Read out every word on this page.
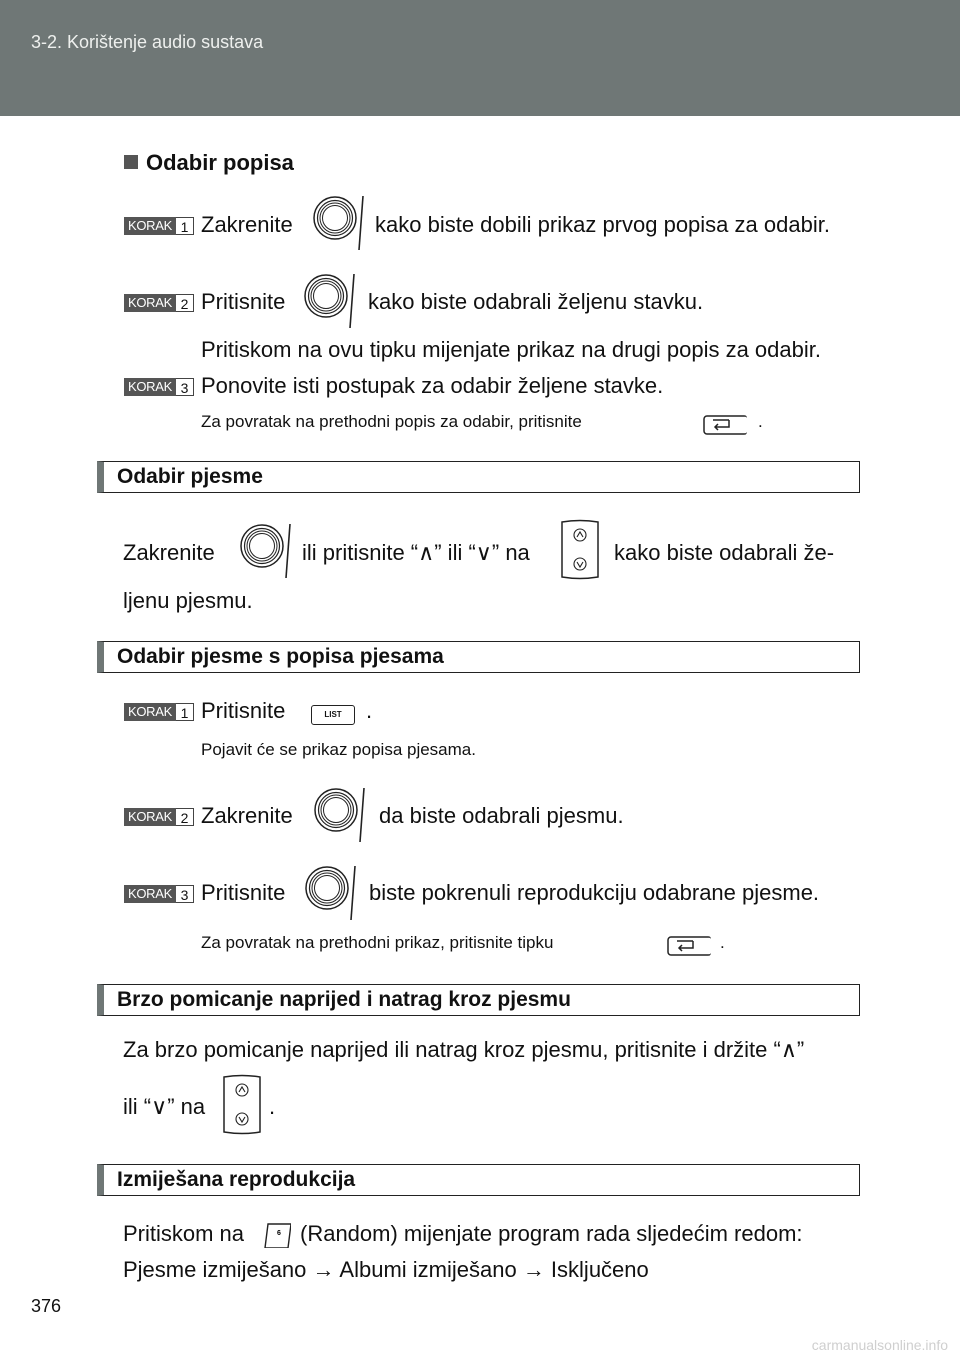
3-2. Korištenje audio sustava
Odabir popisa
KORAK 1 Zakrenite	kako biste dobili prikaz prvog popisa za odabir.
KORAK 2 Pritisnite	kako biste odabrali željenu stavku.
Pritiskom na ovu tipku mijenjate prikaz na drugi popis za odabir.
KORAK 3 Ponovite isti postupak za odabir željene stavke.
Za povratak na prethodni popis za odabir, pritisnite	.
Odabir pjesme
Zakrenite	ili pritisnite “∧” ili “∨” na	kako biste odabrali že-
ljenu pjesmu.
Odabir pjesme s popisa pjesama
KORAK 1 Pritisnite	LIST	.
Pojavit će se prikaz popisa pjesama.
KORAK 2 Zakrenite	da biste odabrali pjesmu.
KORAK 3 Pritisnite	biste pokrenuli reprodukciju odabrane pjesme.
Za povratak na prethodni prikaz, pritisnite tipku	.
Brzo pomicanje naprijed i natrag kroz pjesmu
Za brzo pomicanje naprijed ili natrag kroz pjesmu, pritisnite i držite “∧”
ili “∨” na	.
Izmiješana reprodukcija
Pritiskom na	6 (Random) mijenjate program rada sljedećim redom:
Pjesme izmiješano → Albumi izmiješano → Isključeno
376
carmanualsonline.info
